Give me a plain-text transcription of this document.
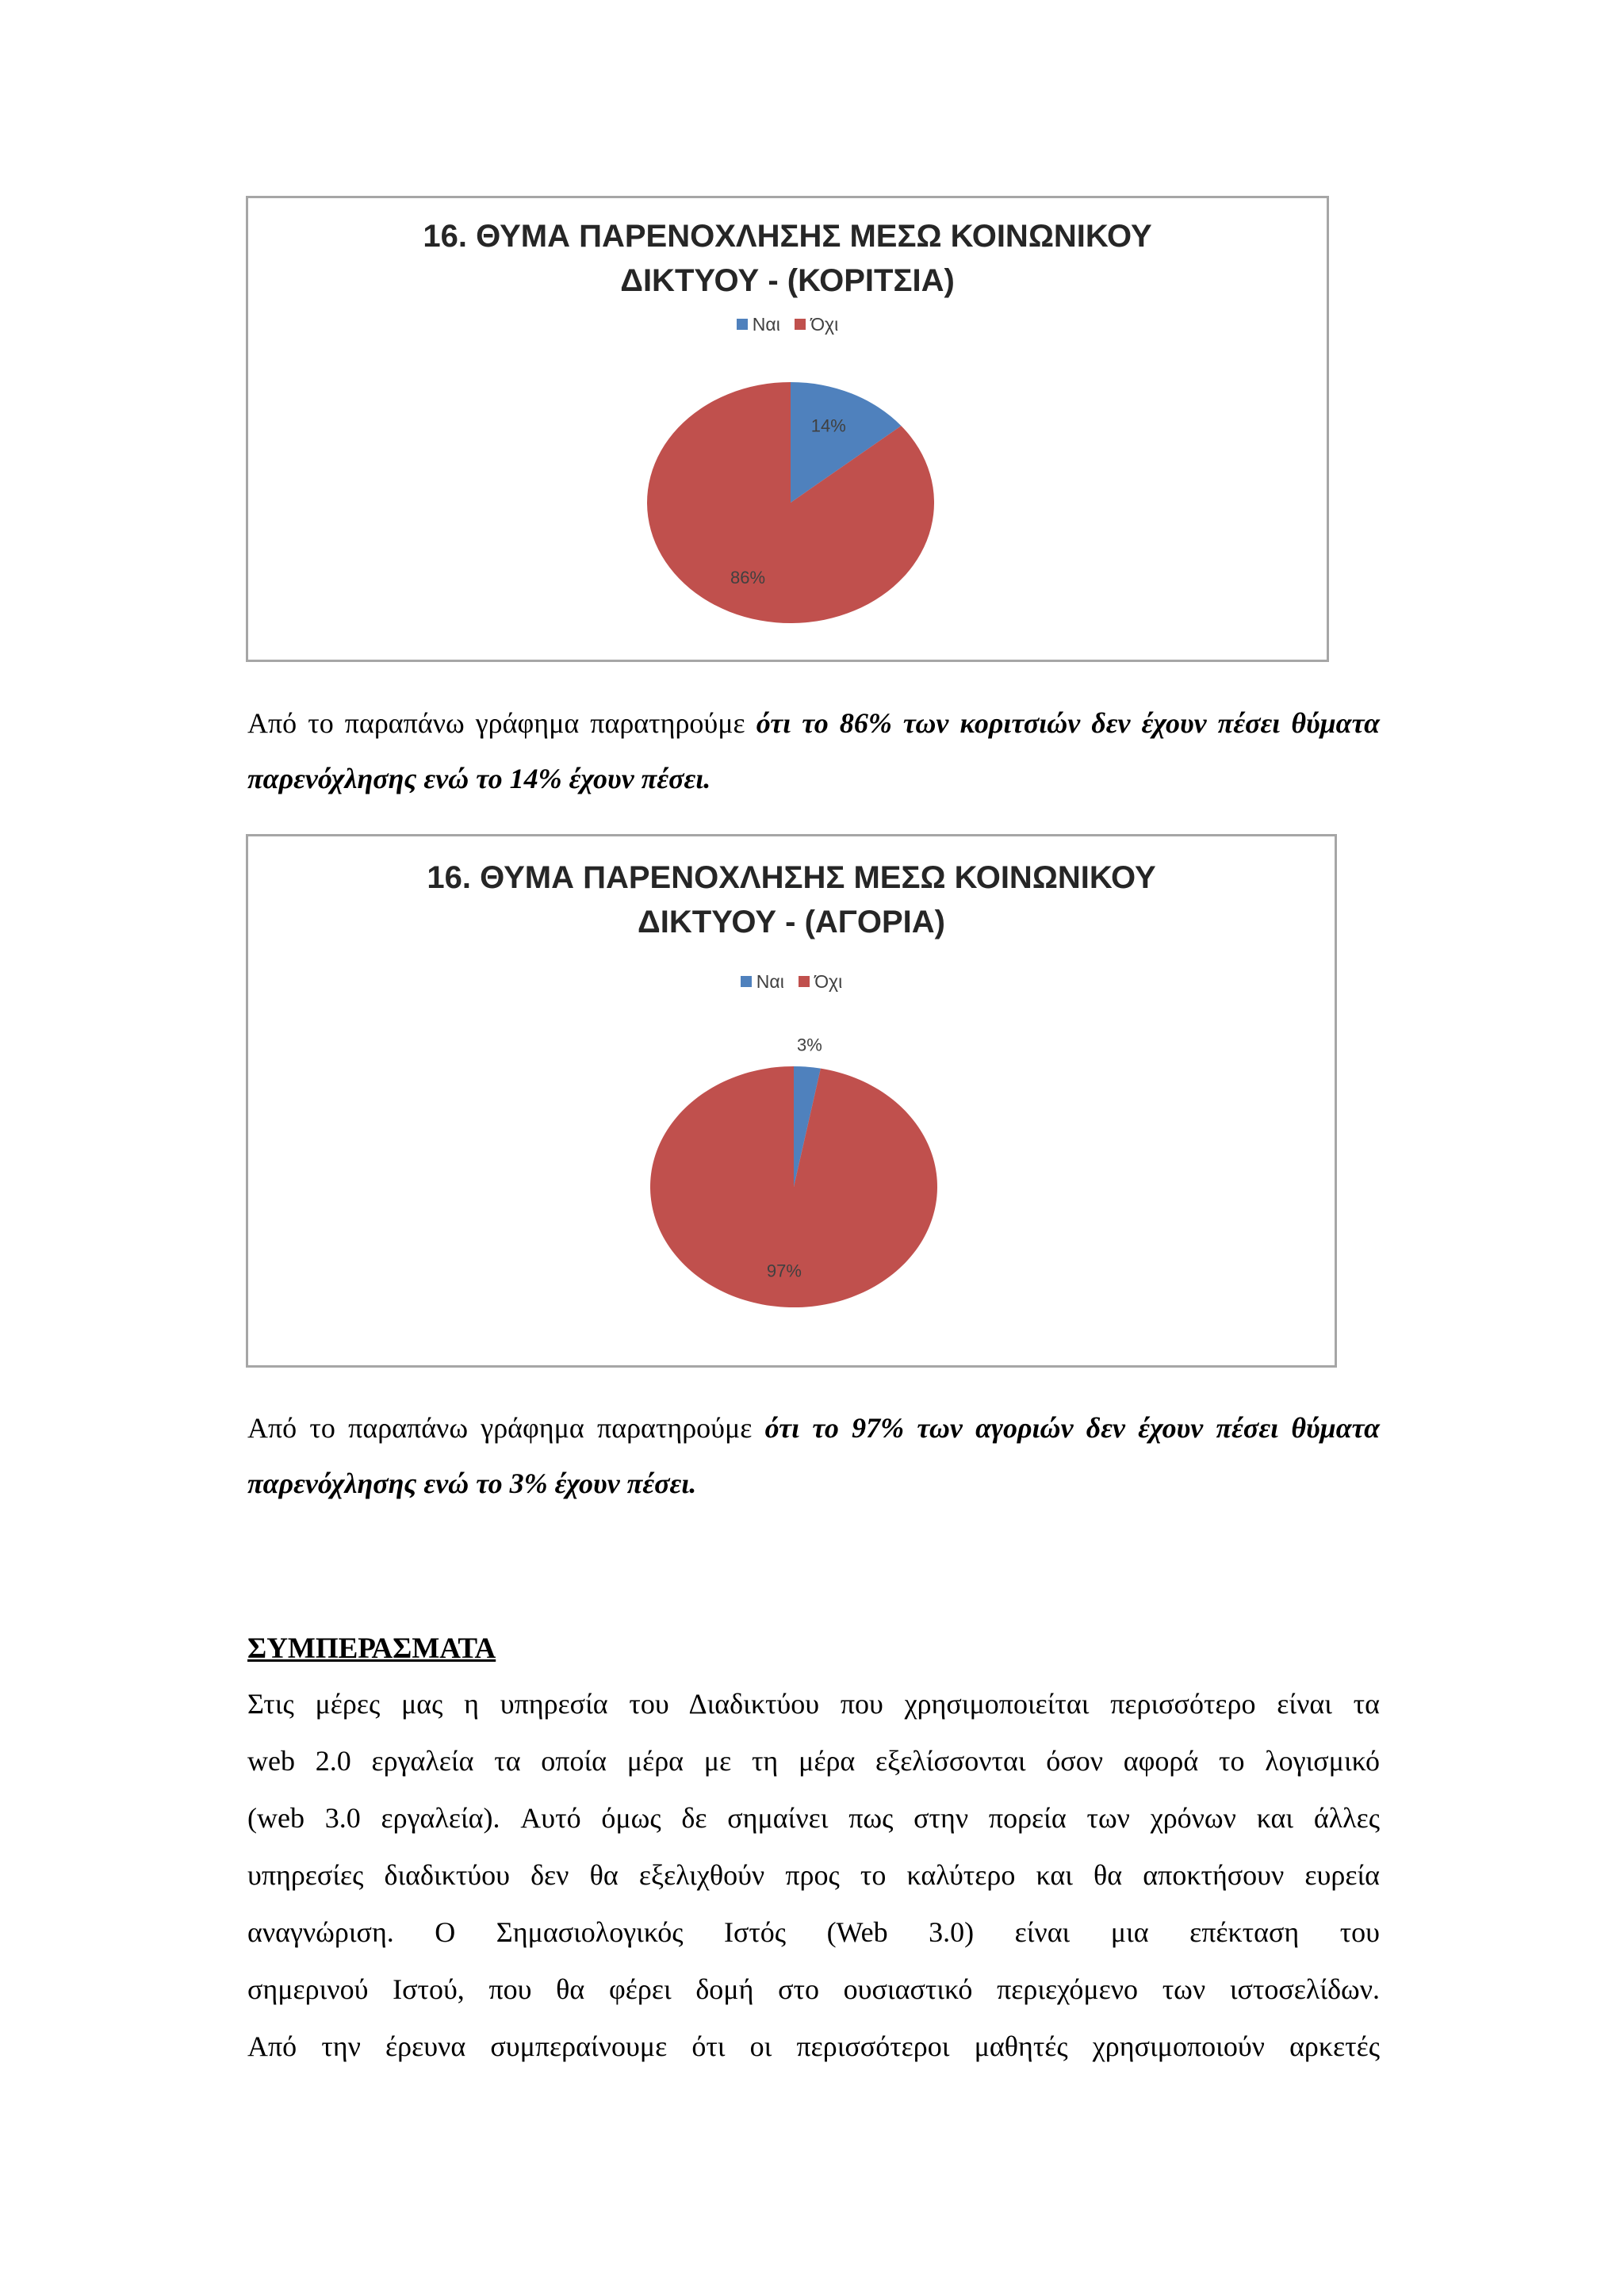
16. ΘΥΜΑ ΠΑΡΕΝΟΧΛΗΣΗΣ ΜΕΣΩ ΚΟΙΝΩΝΙΚΟΥ
ΔΙΚΤΥΟΥ - (ΚΟΡΙΤΣΙΑ)
Ναι Όχι
14%
86%
Από το παραπάνω γράφημα παρατηρούμε ότι το 86% των κοριτσιών δεν έχουν πέσει θύματα παρενόχλησης ενώ το 14% έχουν πέσει.
16. ΘΥΜΑ ΠΑΡΕΝΟΧΛΗΣΗΣ ΜΕΣΩ ΚΟΙΝΩΝΙΚΟΥ
ΔΙΚΤΥΟΥ - (ΑΓΟΡΙΑ)
Ναι Όχι
3%
97%
Από το παραπάνω γράφημα παρατηρούμε ότι το 97% των αγοριών δεν έχουν πέσει θύματα παρενόχλησης ενώ το 3% έχουν πέσει.
ΣΥΜΠΕΡΑΣΜΑΤΑ
Στις μέρες μας η υπηρεσία του Διαδικτύου που χρησιμοποιείται περισσότερο είναι τα
web 2.0 εργαλεία τα οποία μέρα με τη μέρα εξελίσσονται όσον αφορά το λογισμικό
(web 3.0 εργαλεία). Αυτό όμως δε σημαίνει πως στην πορεία των χρόνων και άλλες
υπηρεσίες διαδικτύου δεν θα εξελιχθούν προς το καλύτερο και θα αποκτήσουν ευρεία
αναγνώριση. Ο Σημασιολογικός Ιστός (Web 3.0) είναι μια επέκταση του
σημερινού Ιστού, που θα φέρει δομή στο ουσιαστικό περιεχόμενο των ιστοσελίδων.
Από την έρευνα συμπεραίνουμε ότι οι περισσότεροι μαθητές χρησιμοποιούν αρκετές
